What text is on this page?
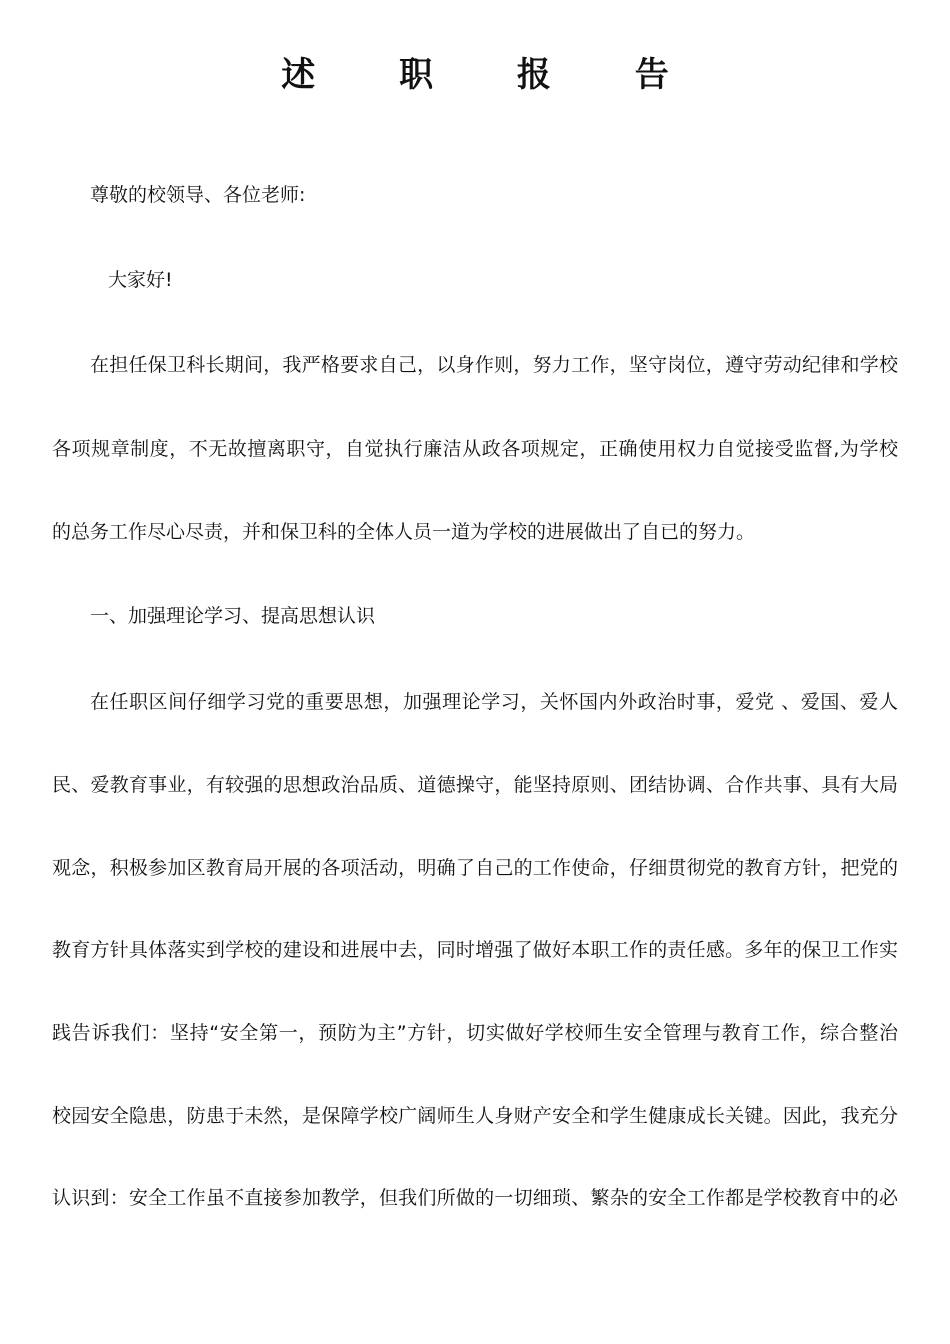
述 职 报 告
尊敬的校领导、各位老师:
大家好!
在担任保卫科长期间，我严格要求自己，以身作则，努力工作，坚守岗位，遵守劳动纪律和学校
各项规章制度，不无故擅离职守，自觉执行廉洁从政各项规定，正确使用权力自觉接受监督,为学校
的总务工作尽心尽责，并和保卫科的全体人员一道为学校的进展做出了自已的努力。
一、加强理论学习、提高思想认识
在任职区间仔细学习党的重要思想，加强理论学习，关怀国内外政治时事，爱党 、爱国、爱人
民、爱教育事业，有较强的思想政治品质、道德操守，能坚持原则、团结协调、合作共事、具有大局
观念，积极参加区教育局开展的各项活动，明确了自己的工作使命，仔细贯彻党的教育方针，把党的
教育方针具体落实到学校的建设和进展中去，同时增强了做好本职工作的责任感。多年的保卫工作实
践告诉我们：坚持“安全第一，预防为主”方针，切实做好学校师生安全管理与教育工作，综合整治
校园安全隐患，防患于未然，是保障学校广阔师生人身财产安全和学生健康成长关键。因此，我充分
认识到：安全工作虽不直接参加教学，但我们所做的一切细琐、繁杂的安全工作都是学校教育中的必
